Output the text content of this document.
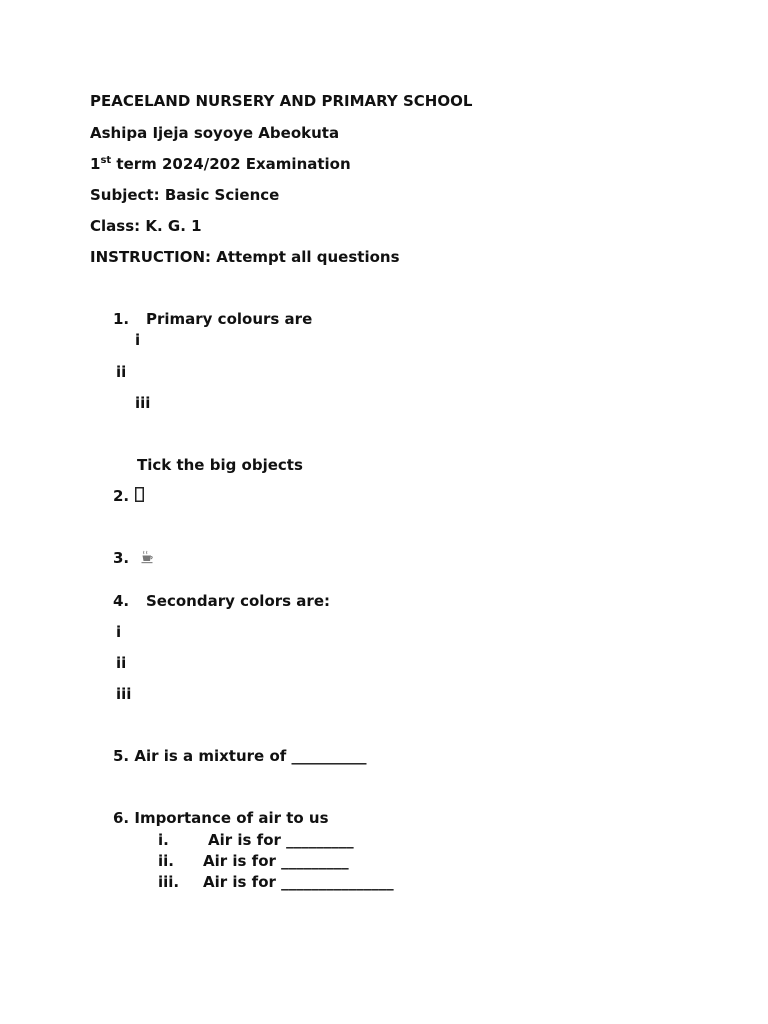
PEACELAND NURSERY AND PRIMARY SCHOOL
Ashipa Ijeja soyoye Abeokuta
1st term 2024/202 Examination
Subject: Basic Science
Class: K. G. 1
INSTRUCTION: Attempt all questions
1. Primary colours are
i
ii
iii
Tick the big objects
2.
3.
4. Secondary colors are:
i
ii
iii
5. Air is a mixture of __________
6. Importance of air to us
i.	Air is for _________
ii. Air is for _________
iii. Air is for _______________
